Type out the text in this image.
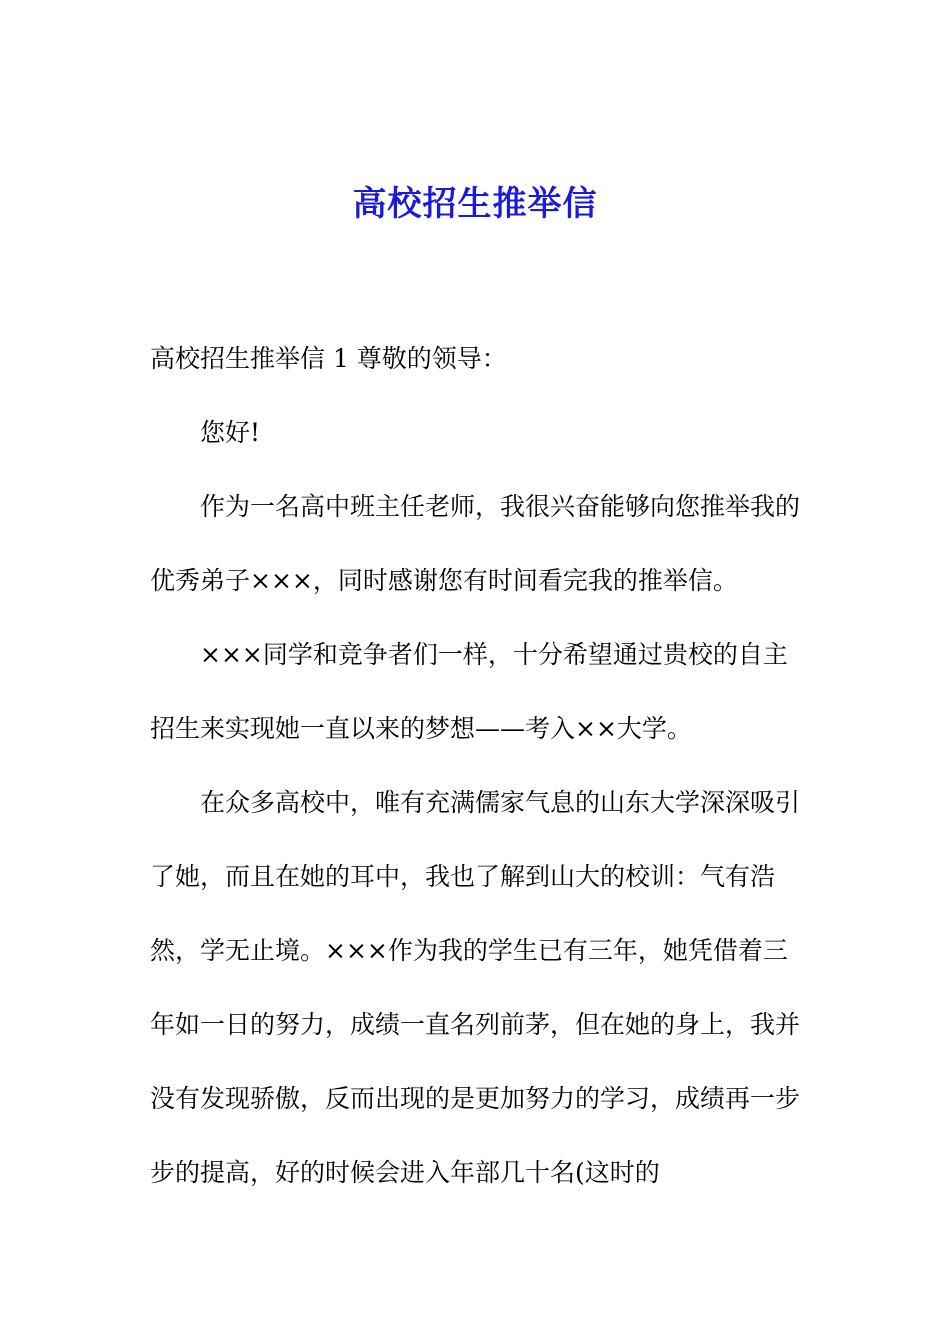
高校招生推举信

高校招生推举信 1 尊敬的领导：

您好!

作为一名高中班主任老师，我很兴奋能够向您推举我的优秀弟子×××，同时感谢您有时间看完我的推举信。

×××同学和竞争者们一样，十分希望通过贵校的自主招生来实现她一直以来的梦想——考入××大学。

在众多高校中，唯有充满儒家气息的山东大学深深吸引了她，而且在她的耳中，我也了解到山大的校训：气有浩然，学无止境。×××作为我的学生已有三年，她凭借着三年如一日的努力，成绩一直名列前茅，但在她的身上，我并没有发现骄傲，反而出现的是更加努力的学习，成绩再一步步的提高，好的时候会进入年部几十名(这时的
